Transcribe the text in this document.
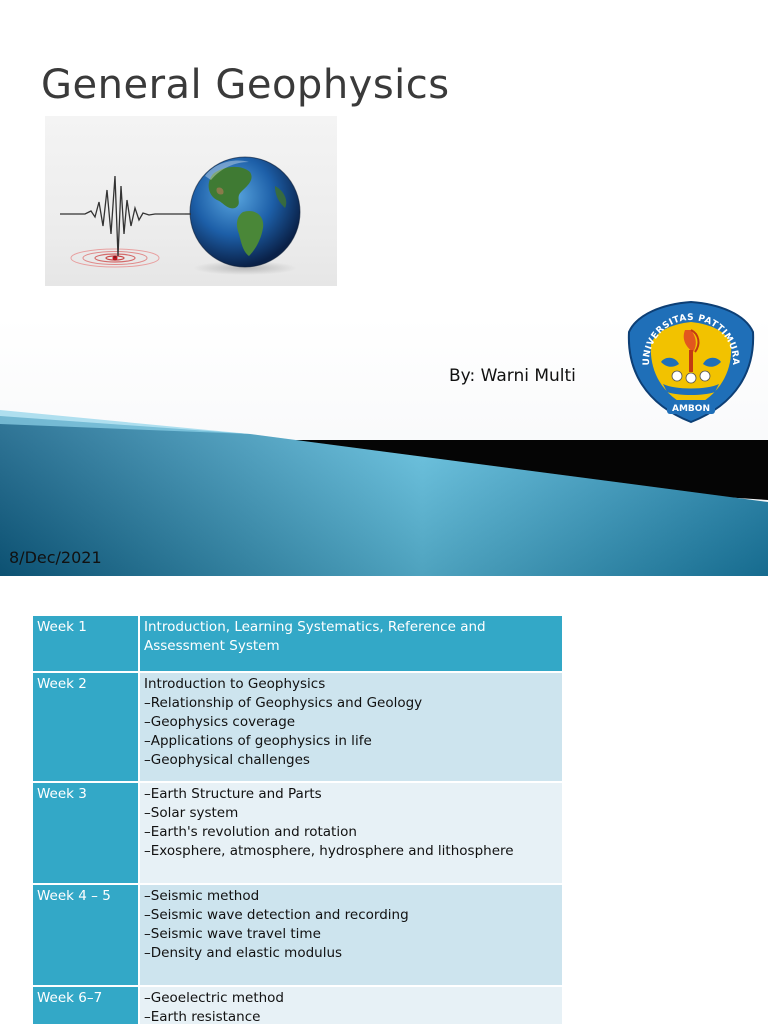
General Geophysics
By: Warni Multi
UNIVERSITAS PATTIMURA
AMBON
8/Dec/2021
Week 1	Introduction, Learning Systematics, Reference and
Assessment System

Week 2	Introduction to Geophysics
–Relationship of Geophysics and Geology
–Geophysics coverage
–Applications of geophysics in life
–Geophysical challenges

Week 3	–Earth Structure and Parts
–Solar system
–Earth's revolution and rotation
–Exosphere, atmosphere, hydrosphere and lithosphere

Week 4 – 5	–Seismic method
–Seismic wave detection and recording
–Seismic wave travel time
–Density and elastic modulus

Week 6–7	–Geoelectric method
–Earth resistance
